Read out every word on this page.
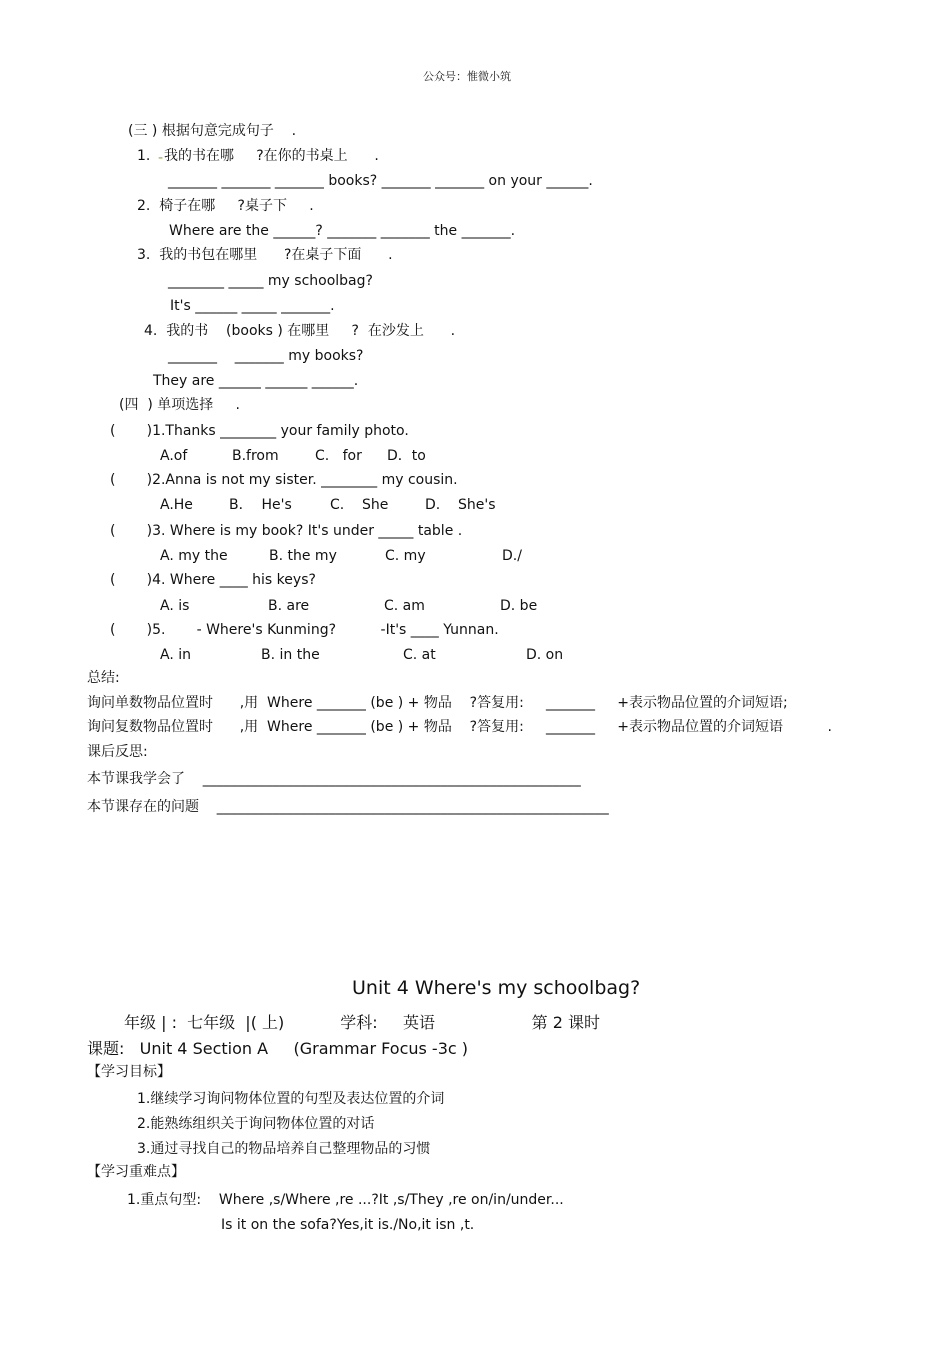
公众号：惟微小筑
(三 ) 根据句意完成句子    .
1. - 我的书在哪     ?在你的书桌上      .
_______ _______ _______ books? _______ _______ on your ______.
2.  椅子在哪     ?桌子下     .
Where are the ______? _______ _______ the _______.
3.  我的书包在哪里      ?在桌子下面      .
________ _____ my schoolbag?
It's ______ _____ _______.
4.  我的书    (books ) 在哪里     ?  在沙发上      .
_______    _______ my books?
They are ______ ______ ______.
(四  ) 单项选择     .
(       )1.Thanks ________ your family photo.
A.of	B.from	C.   for D．to
(       )2.Anna is not my sister. ________ my cousin.
A.He	B．  He's	C.    She	D.    She's
(       )3. Where is my book? It's under _____ table .
A. my the	B. the my	C. my	D./
(       )4. Where ____ his keys?
A. is	B. are	C. am	D. be
(       )5.       - Where's Kunming?          -It's ____ Yunnan.
A. in	B. in the	C. at	D. on
总结:
询问单数物品位置时      ,用  Where _______ (be ) + 物品    ?答复用:     _______     +表示物品位置的介词短语;
询问复数物品位置时      ,用  Where _______ (be ) + 物品    ?答复用:     _______     +表示物品位置的介词短语          .
课后反思:
本节课我学会了    ______________________________________________________
本节课存在的问题    ________________________________________________________
Unit 4 Where's my schoolbag?
年级 | :  七年级  |( 上)           学科:     英语                   第 2 课时
课题:   Unit 4 Section A     (Grammar Focus -3c )
【学习目标】
1.继续学习询问物体位置的句型及表达位置的介词
2.能熟练组织关于询问物体位置的对话
3.通过寻找自己的物品培养自己整理物品的习惯
【学习重难点】
1.重点句型:    Where ,s/Where ,re ...?It ,s/They ,re on/in/under...
Is it on the sofa?Yes,it is./No,it isn ,t.
